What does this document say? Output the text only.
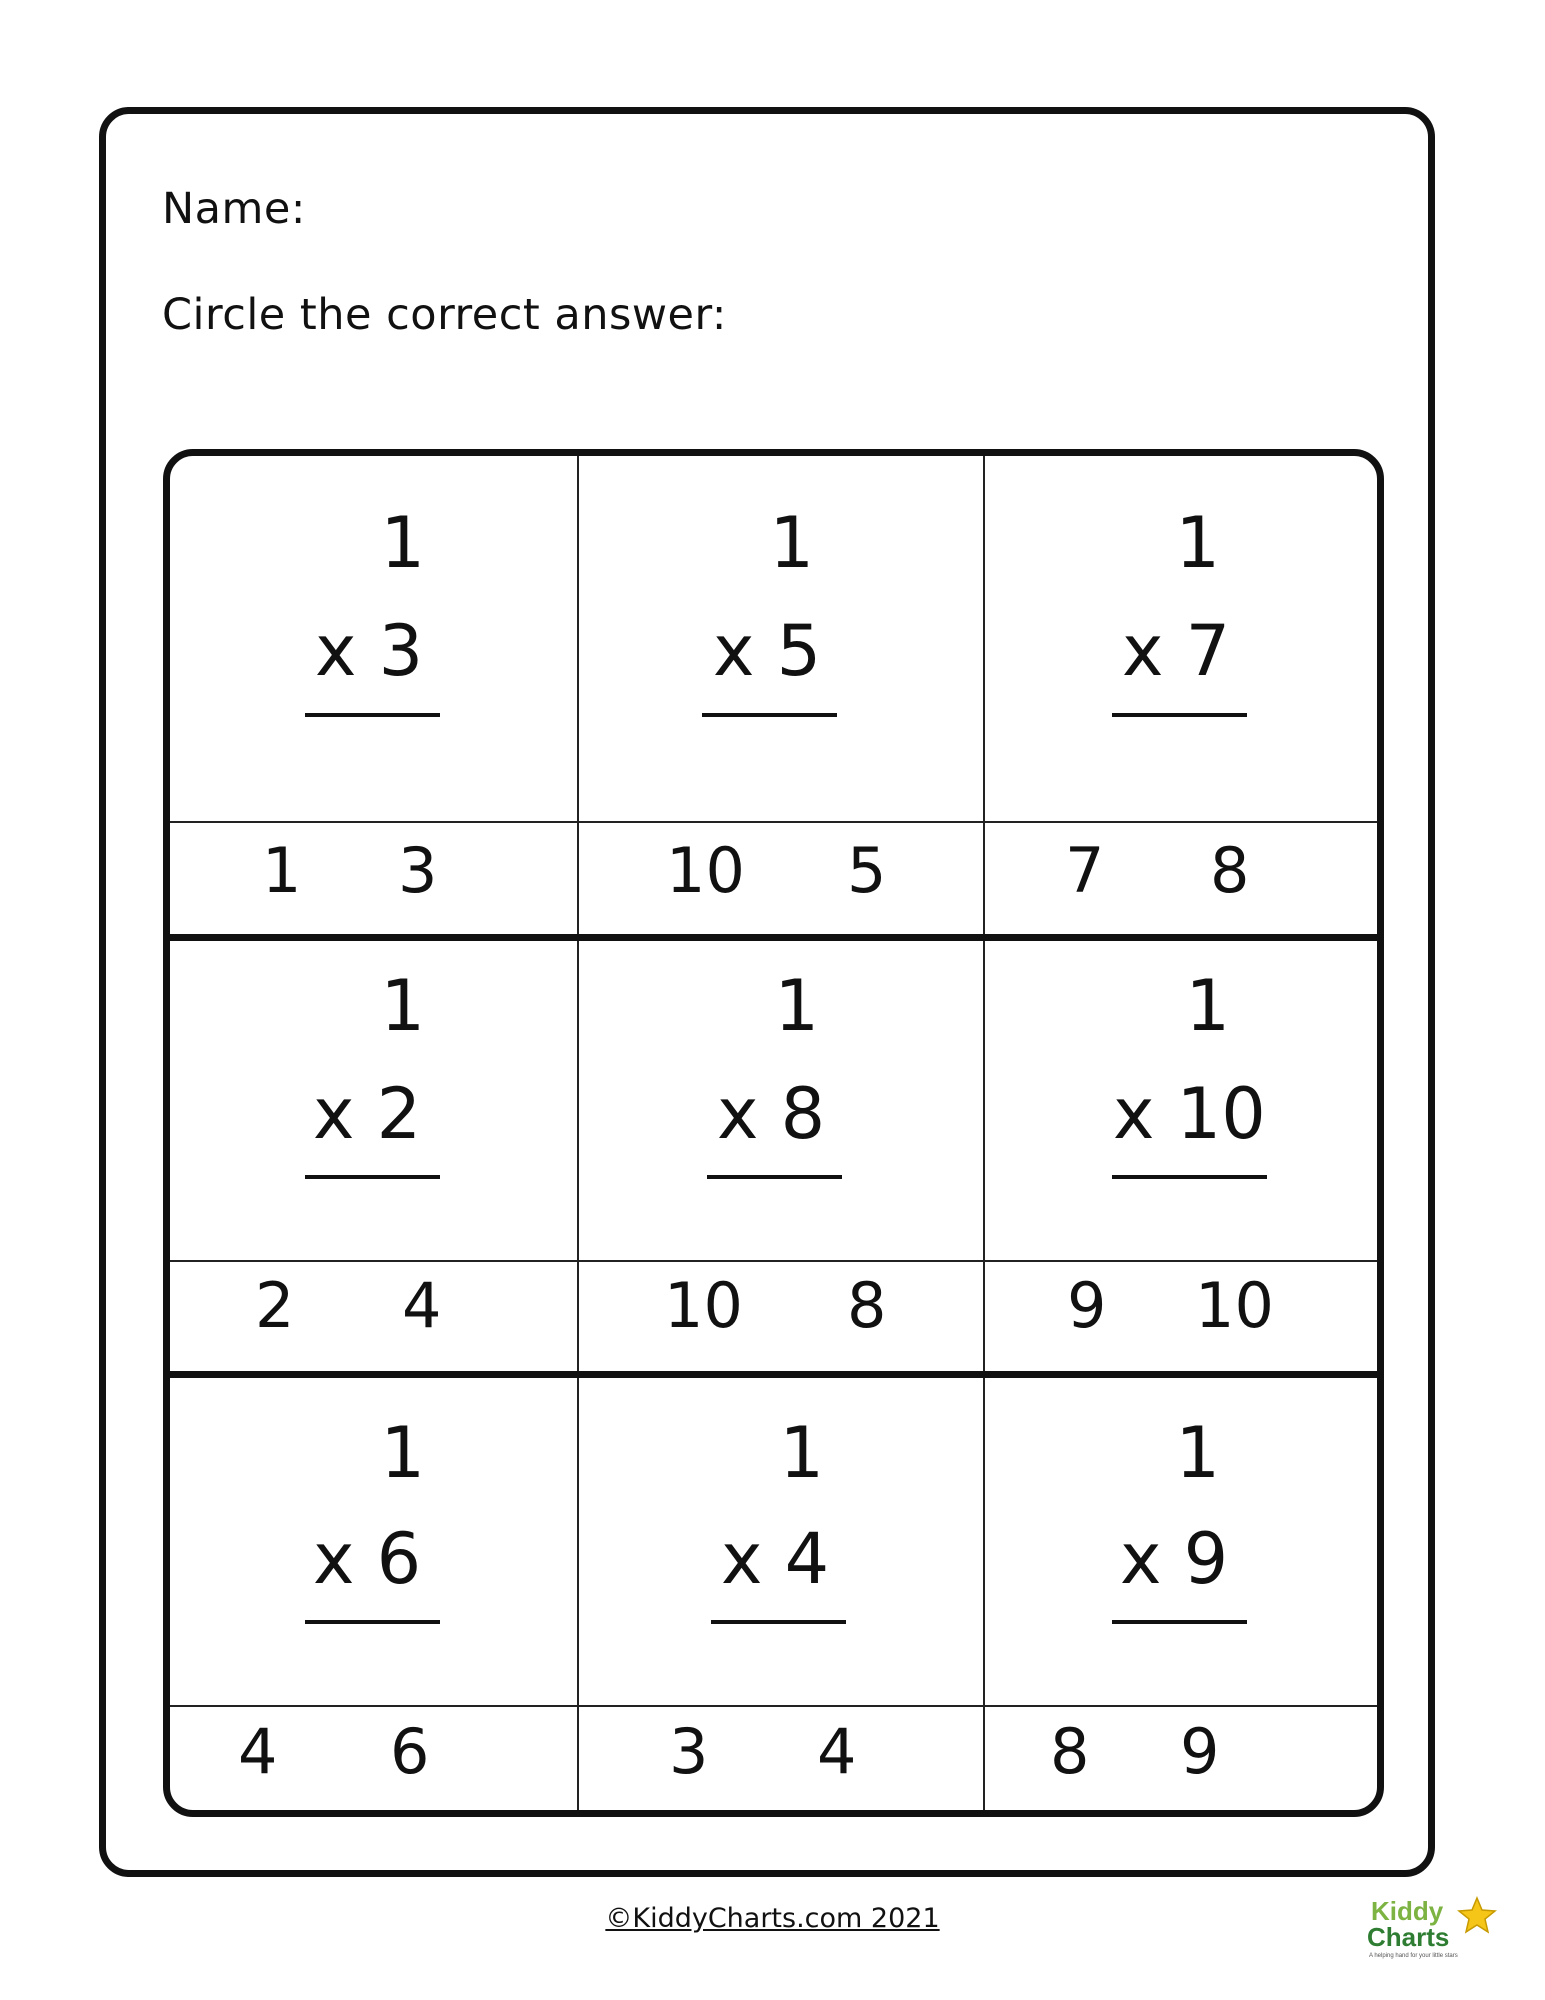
Name:
Circle the correct answer:
1
x 3
1 3
1
x 5
10 5
1
x 7
7 8
1
x 2
2 4
1
x 8
10 8
1
x 10
9 10
1
x 6
4 6
1
x 4
3 4
1
x 9
8 9
©KiddyCharts.com 2021	Kiddy
Charts
A helping hand for your little stars
